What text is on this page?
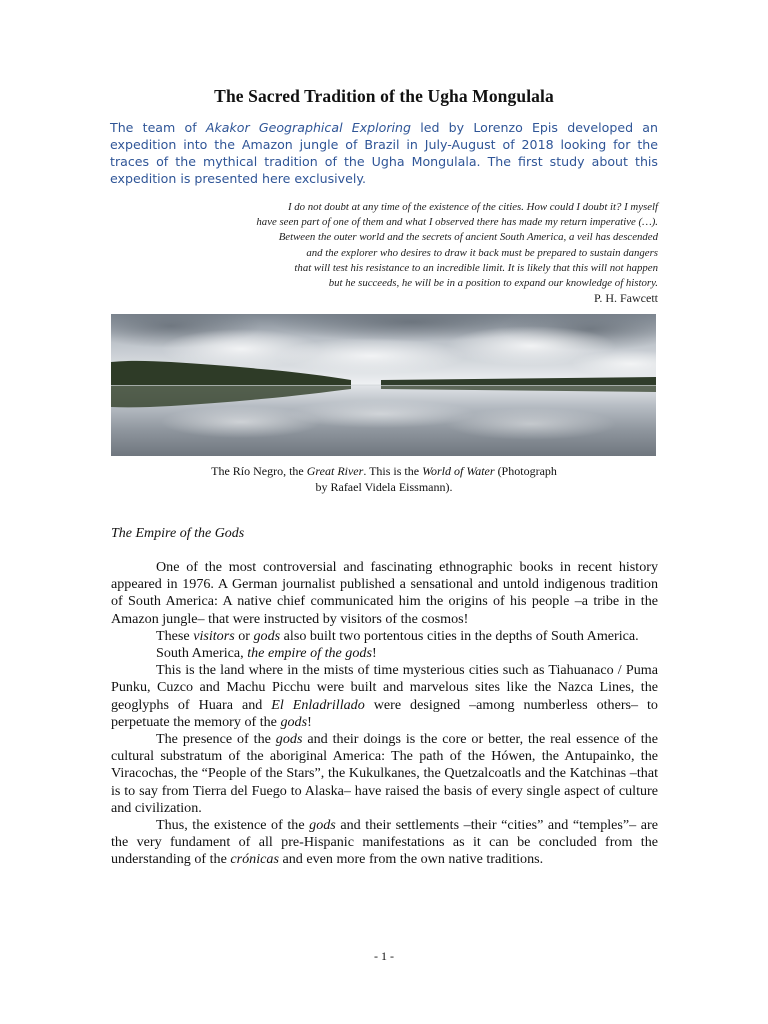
The Sacred Tradition of the Ugha Mongulala
The team of Akakor Geographical Exploring led by Lorenzo Epis developed an expedition into the Amazon jungle of Brazil in July-August of 2018 looking for the traces of the mythical tradition of the Ugha Mongulala. The first study about this expedition is presented here exclusively.
I do not doubt at any time of the existence of the cities. How could I doubt it? I myself
have seen part of one of them and what I observed there has made my return imperative (…).
Between the outer world and the secrets of ancient South America, a veil has descended
and the explorer who desires to draw it back must be prepared to sustain dangers
that will test his resistance to an incredible limit. It is likely that this will not happen
but he succeeds, he will be in a position to expand our knowledge of history.
P. H. Fawcett
The Río Negro, the Great River. This is the World of Water (Photograph
by Rafael Videla Eissmann).
The Empire of the Gods

One of the most controversial and fascinating ethnographic books in recent history appeared in 1976. A German journalist published a sensational and untold indigenous tradition of South America: A native chief communicated him the origins of his people –a tribe in the Amazon jungle– that were instructed by visitors of the cosmos!

These visitors or gods also built two portentous cities in the depths of South America.

South America, the empire of the gods!

This is the land where in the mists of time mysterious cities such as Tiahuanaco / Puma Punku, Cuzco and Machu Picchu were built and marvelous sites like the Nazca Lines, the geoglyphs of Huara and El Enladrillado were designed –among numberless others– to perpetuate the memory of the gods!

The presence of the gods and their doings is the core or better, the real essence of the cultural substratum of the aboriginal America: The path of the Hówen, the Antupainko, the Viracochas, the “People of the Stars”, the Kukulkanes, the Quetzalcoatls and the Katchinas –that is to say from Tierra del Fuego to Alaska– have raised the basis of every single aspect of culture and civilization.

Thus, the existence of the gods and their settlements –their “cities” and “temples”– are the very fundament of all pre-Hispanic manifestations as it can be concluded from the understanding of the crónicas and even more from the own native traditions.

- 1 -
